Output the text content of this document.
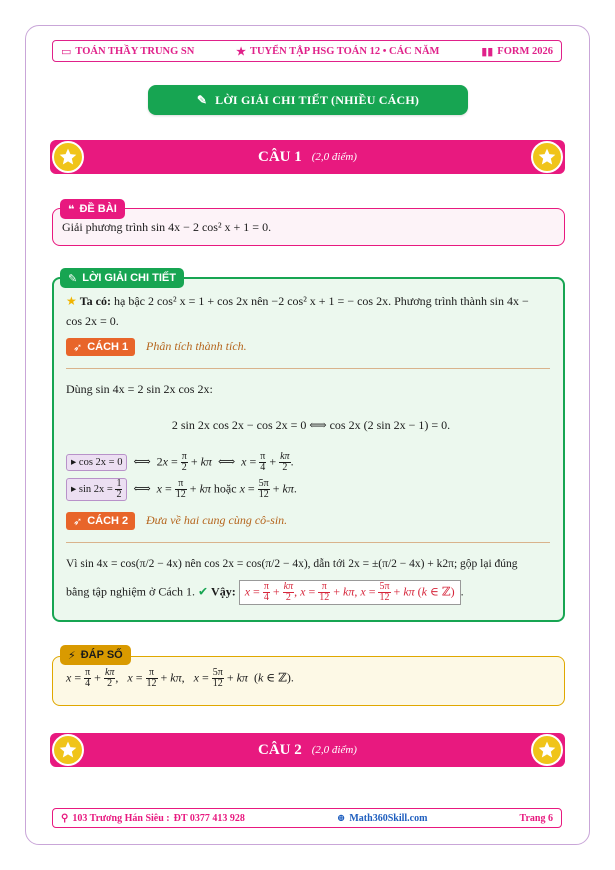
▭ TOÁN THẦY TRUNG SN	★ TUYỂN TẬP HSG TOÁN 12 • CÁC NĂM	▮▮ FORM 2026
✎ LỜI GIẢI CHI TIẾT (NHIỀU CÁCH)
CÂU 1 (2,0 điểm)
❝ ĐỀ BÀI
Giải phương trình sin 4x − 2 cos² x + 1 = 0.
✎ LỜI GIẢI CHI TIẾT
★ Ta có: hạ bậc 2 cos² x = 1 + cos 2x nên −2 cos² x + 1 = − cos 2x. Phương trình thành sin 4x −
cos 2x = 0.
➶ CÁCH 1 Phân tích thành tích.
Dùng sin 4x = 2 sin 2x cos 2x:
2 sin 2x cos 2x − cos 2x = 0 ⟺ cos 2x (2 sin 2x − 1) = 0.
▸ cos 2x = 0  ⟺  $2x = \frac{\pi}{2} + k\pi$  ⟺  $x = \frac{\pi}{4} + \frac{k\pi}{2}$ .
▸ $\sin 2x = \frac{1}{2}$ ⟺  $x = \frac{\pi}{12} + k\pi$ hoặc $x = \frac{5\pi}{12} + k\pi$.
➶ CÁCH 2 Đưa về hai cung cùng cô-sin.
Vì sin 4x = cos(π/2 − 4x) nên cos 2x = cos(π/2 − 4x), dẫn tới 2x = ±(π/2 − 4x) + k2π; gộp lại đúng
bằng tập nghiệm ở Cách 1. ✔ Vậy: $x = \frac{\pi}{4} + \frac{k\pi}{2}$ , $x = \frac{\pi}{12} + k\pi$, $x = \frac{5\pi}{12} + k\pi$ (k ∈ ℤ).
⚡ ĐÁP SỐ
$x = \frac{\pi}{4} + \frac{k\pi}{2}$ ,   $x = \frac{\pi}{12} + k\pi$,   $x = \frac{5\pi}{12} + k\pi$  (k ∈ ℤ).
CÂU 2 (2,0 điểm)
⚲ 103 Trương Hán Siêu : ĐT 0377 413 928	⊕ Math360Skill.com	Trang 6
